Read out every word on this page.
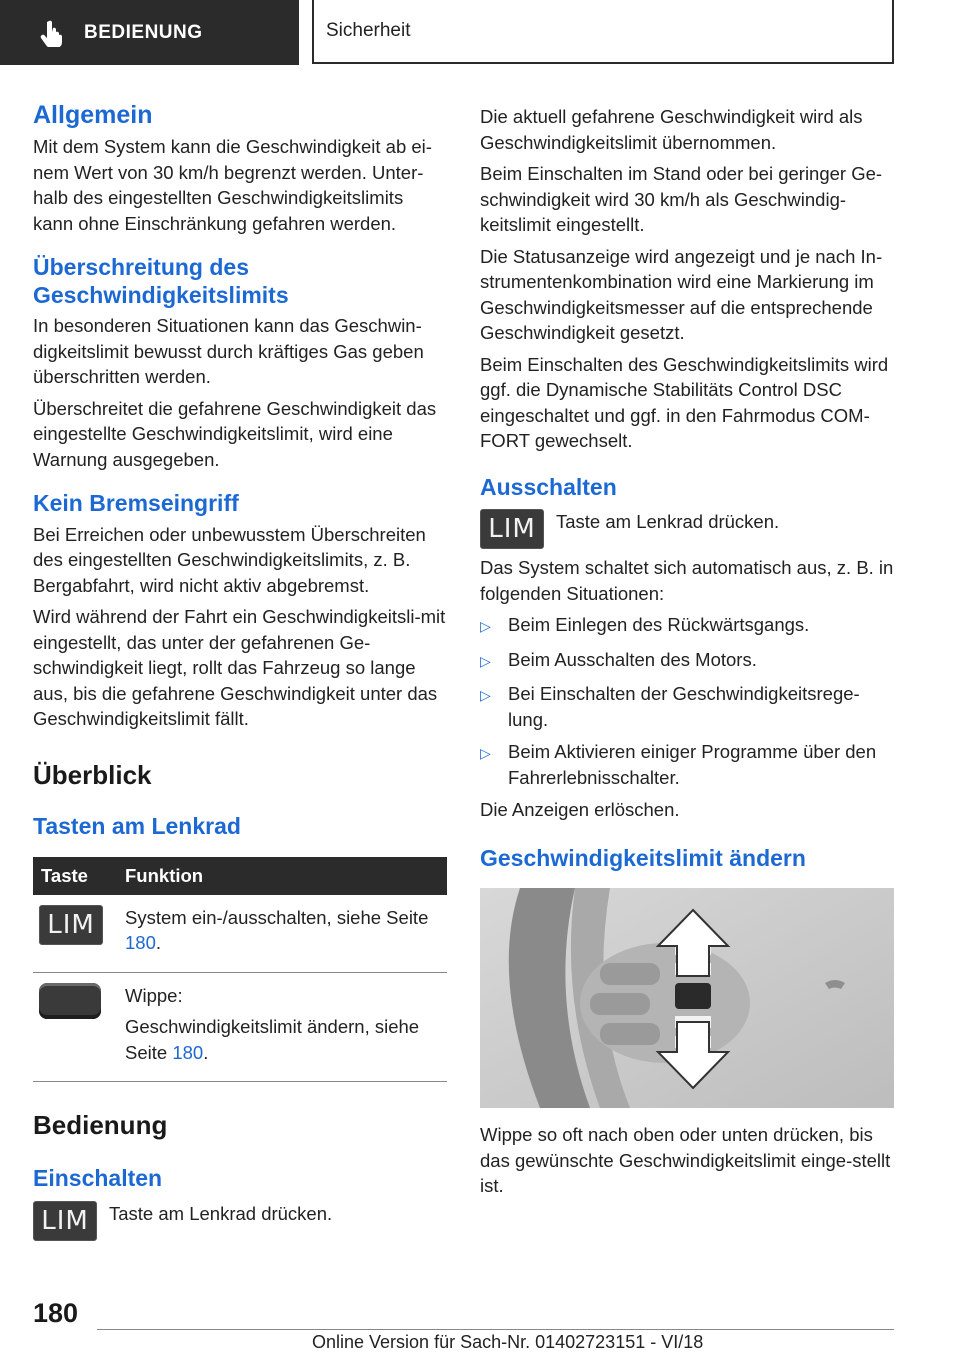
BEDIENUNG	Sicherheit
Allgemein

Mit dem System kann die Geschwindigkeit ab ei-nem Wert von 30 km/h begrenzt werden. Unter-halb des eingestellten Geschwindigkeitslimits kann ohne Einschränkung gefahren werden.

Überschreitung des Geschwindigkeitslimits

In besonderen Situationen kann das Geschwin-digkeitslimit bewusst durch kräftiges Gas geben überschritten werden.

Überschreitet die gefahrene Geschwindigkeit das eingestellte Geschwindigkeitslimit, wird eine Warnung ausgegeben.

Kein Bremseingriff

Bei Erreichen oder unbewusstem Überschreiten des eingestellten Geschwindigkeitslimits, z. B. Bergabfahrt, wird nicht aktiv abgebremst.

Wird während der Fahrt ein Geschwindigkeitsli-mit eingestellt, das unter der gefahrenen Ge-schwindigkeit liegt, rollt das Fahrzeug so lange aus, bis die gefahrene Geschwindigkeit unter das Geschwindigkeitslimit fällt.

Überblick
Tasten am Lenkrad
Taste	Funktion
LIM	System ein-/ausschalten, siehe Seite 180.

	Wippe:

Geschwindigkeitslimit ändern, siehe Seite 180.

Bedienung
Einschalten
LIM	Taste am Lenkrad drücken.

Die aktuell gefahrene Geschwindigkeit wird als Geschwindigkeitslimit übernommen.

Beim Einschalten im Stand oder bei geringer Ge-schwindigkeit wird 30 km/h als Geschwindig-keitslimit eingestellt.

Die Statusanzeige wird angezeigt und je nach In-strumentenkombination wird eine Markierung im Geschwindigkeitsmesser auf die entsprechende Geschwindigkeit gesetzt.

Beim Einschalten des Geschwindigkeitslimits wird ggf. die Dynamische Stabilitäts Control DSC eingeschaltet und ggf. in den Fahrmodus COM-FORT gewechselt.

Ausschalten
LIM	Taste am Lenkrad drücken.

Das System schaltet sich automatisch aus, z. B. in folgenden Situationen:

▷ Beim Einlegen des Rückwärtsgangs.
▷ Beim Ausschalten des Motors.
▷ Bei Einschalten der Geschwindigkeitsrege-lung.
▷ Beim Aktivieren einiger Programme über den Fahrerlebnisschalter.

Die Anzeigen erlöschen.

Geschwindigkeitslimit ändern

Wippe so oft nach oben oder unten drücken, bis das gewünschte Geschwindigkeitslimit einge-stellt ist.

180
Online Version für Sach-Nr. 01402723151 - VI/18
